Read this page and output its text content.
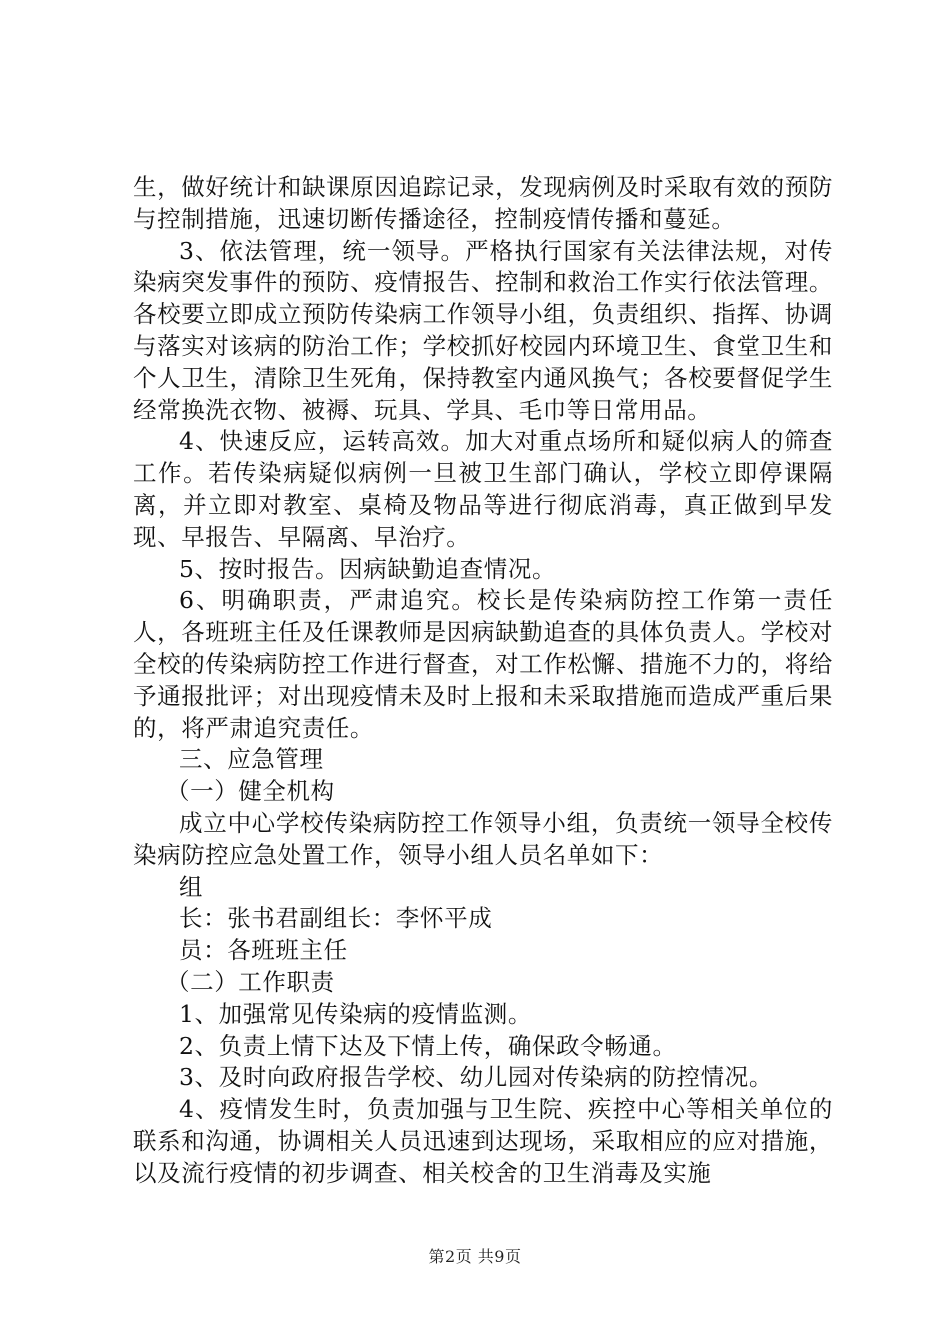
生，做好统计和缺课原因追踪记录，发现病例及时采取有效的预防与控制措施，迅速切断传播途径，控制疫情传播和蔓延。

3、依法管理，统一领导。严格执行国家有关法律法规，对传染病突发事件的预防、疫情报告、控制和救治工作实行依法管理。各校要立即成立预防传染病工作领导小组，负责组织、指挥、协调与落实对该病的防治工作；学校抓好校园内环境卫生、食堂卫生和个人卫生，清除卫生死角，保持教室内通风换气；各校要督促学生经常换洗衣物、被褥、玩具、学具、毛巾等日常用品。

4、快速反应，运转高效。加大对重点场所和疑似病人的筛查工作。若传染病疑似病例一旦被卫生部门确认，学校立即停课隔离，并立即对教室、桌椅及物品等进行彻底消毒，真正做到早发现、早报告、早隔离、早治疗。

5、按时报告。因病缺勤追查情况。

6、明确职责，严肃追究。校长是传染病防控工作第一责任人，各班班主任及任课教师是因病缺勤追查的具体负责人。学校对全校的传染病防控工作进行督查，对工作松懈、措施不力的，将给予通报批评；对出现疫情未及时上报和未采取措施而造成严重后果的，将严肃追究责任。

三、应急管理

（一）健全机构

成立中心学校传染病防控工作领导小组，负责统一领导全校传染病防控应急处置工作，领导小组人员名单如下：

组

长：张书君副组长：李怀平成

员：各班班主任

（二）工作职责

1、加强常见传染病的疫情监测。

2、负责上情下达及下情上传，确保政令畅通。

3、及时向政府报告学校、幼儿园对传染病的防控情况。

4、疫情发生时，负责加强与卫生院、疾控中心等相关单位的联系和沟通，协调相关人员迅速到达现场，采取相应的应对措施，以及流行疫情的初步调查、相关校舍的卫生消毒及实施

第2页 共9页
